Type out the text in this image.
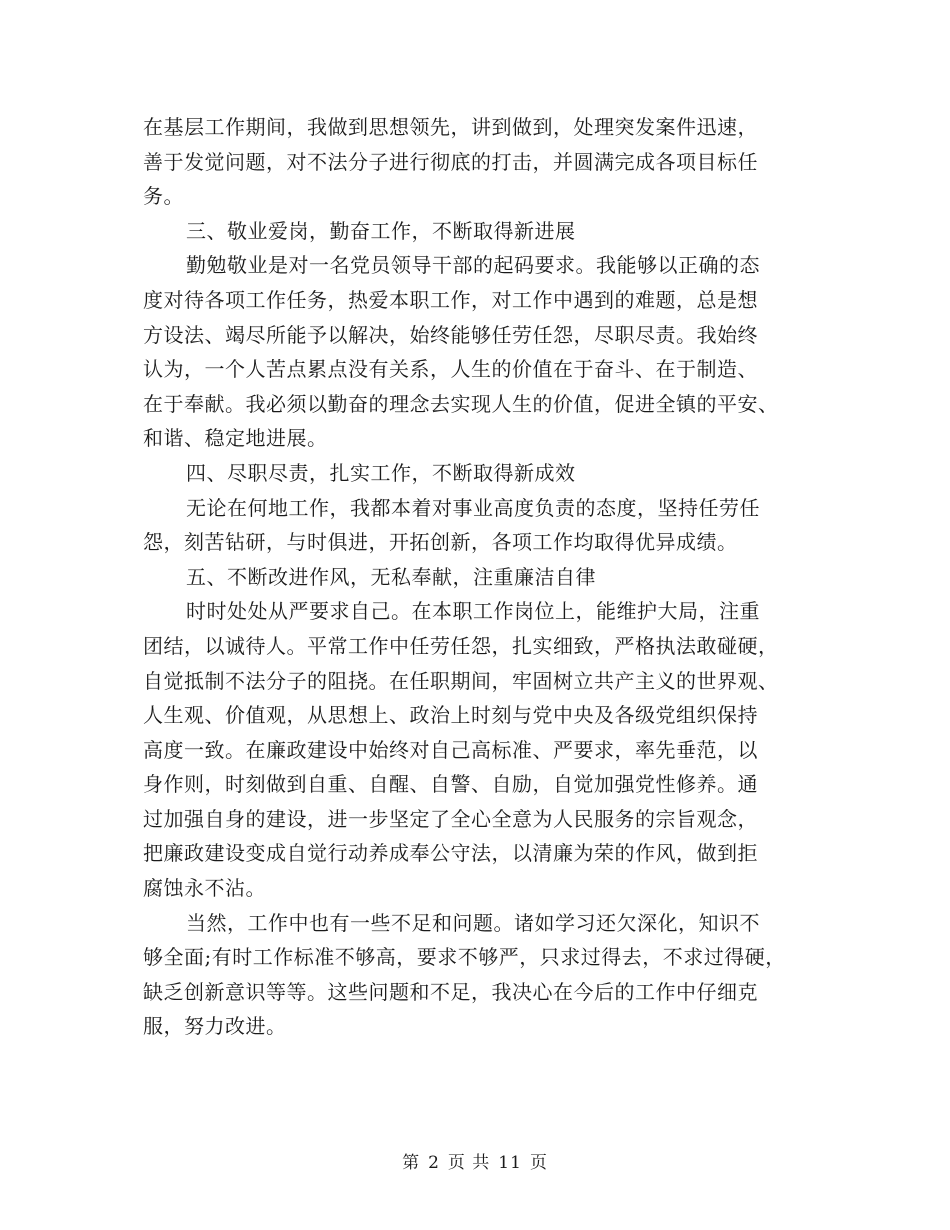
在基层工作期间，我做到思想领先，讲到做到，处理突发案件迅速，
善于发觉问题，对不法分子进行彻底的打击，并圆满完成各项目标任
务。
三、敬业爱岗，勤奋工作，不断取得新进展
勤勉敬业是对一名党员领导干部的起码要求。我能够以正确的态
度对待各项工作任务，热爱本职工作，对工作中遇到的难题，总是想
方设法、竭尽所能予以解决，始终能够任劳任怨，尽职尽责。我始终
认为，一个人苦点累点没有关系，人生的价值在于奋斗、在于制造、
在于奉献。我必须以勤奋的理念去实现人生的价值，促进全镇的平安、
和谐、稳定地进展。
四、尽职尽责，扎实工作，不断取得新成效
无论在何地工作，我都本着对事业高度负责的态度，坚持任劳任
怨，刻苦钻研，与时俱进，开拓创新，各项工作均取得优异成绩。
五、不断改进作风，无私奉献，注重廉洁自律
时时处处从严要求自己。在本职工作岗位上，能维护大局，注重
团结，以诚待人。平常工作中任劳任怨，扎实细致，严格执法敢碰硬，
自觉抵制不法分子的阻挠。在任职期间，牢固树立共产主义的世界观、
人生观、价值观，从思想上、政治上时刻与党中央及各级党组织保持
高度一致。在廉政建设中始终对自己高标准、严要求，率先垂范，以
身作则，时刻做到自重、自醒、自警、自励，自觉加强党性修养。通
过加强自身的建设，进一步坚定了全心全意为人民服务的宗旨观念，
把廉政建设变成自觉行动养成奉公守法，以清廉为荣的作风，做到拒
腐蚀永不沾。
当然，工作中也有一些不足和问题。诸如学习还欠深化，知识不
够全面;有时工作标准不够高，要求不够严，只求过得去，不求过得硬，
缺乏创新意识等等。这些问题和不足，我决心在今后的工作中仔细克
服，努力改进。
第 2 页 共 11 页
